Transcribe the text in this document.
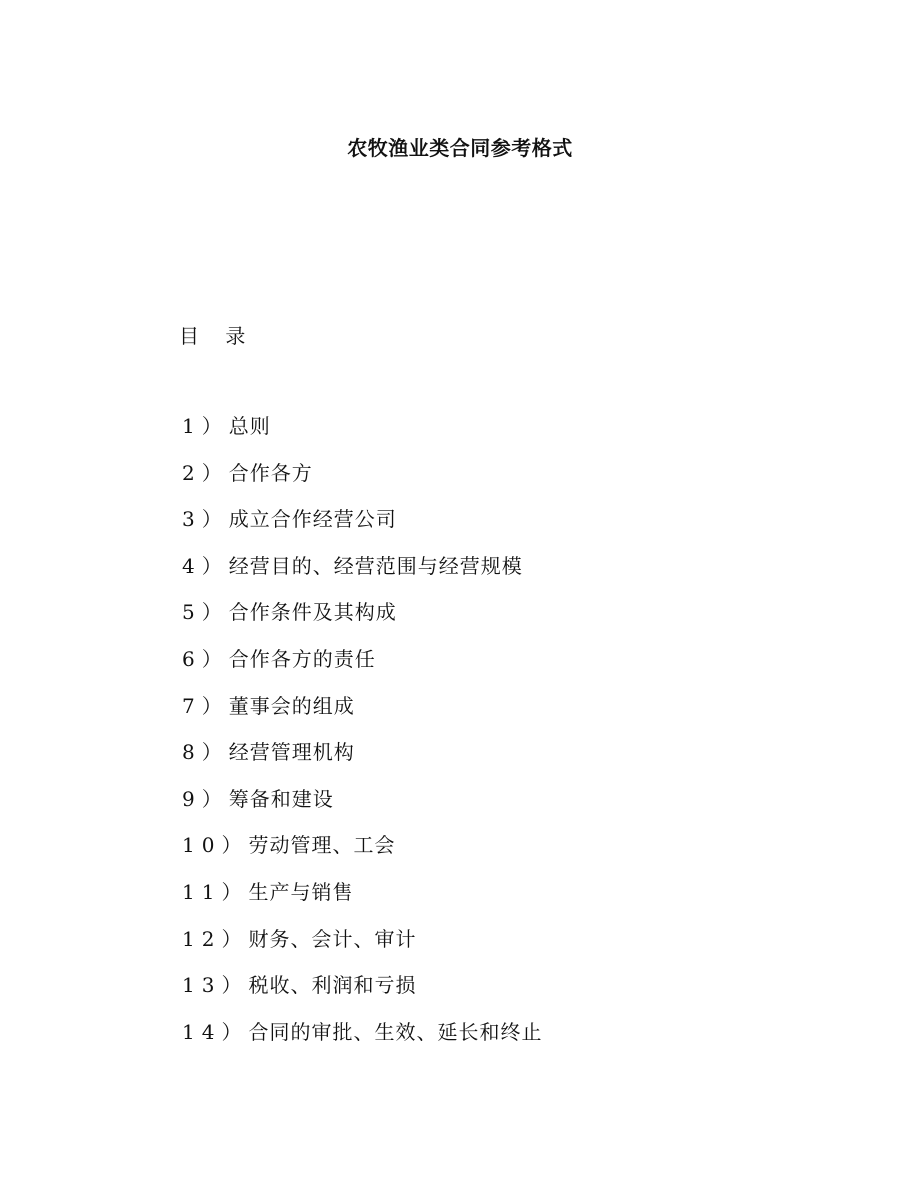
农牧渔业类合同参考格式
目 录
1）总则
2）合作各方
3）成立合作经营公司
4）经营目的、经营范围与经营规模
5）合作条件及其构成
6）合作各方的责任
7）董事会的组成
8）经营管理机构
9）筹备和建设
10）劳动管理、工会
11）生产与销售
12）财务、会计、审计
13）税收、利润和亏损
14）合同的审批、生效、延长和终止
